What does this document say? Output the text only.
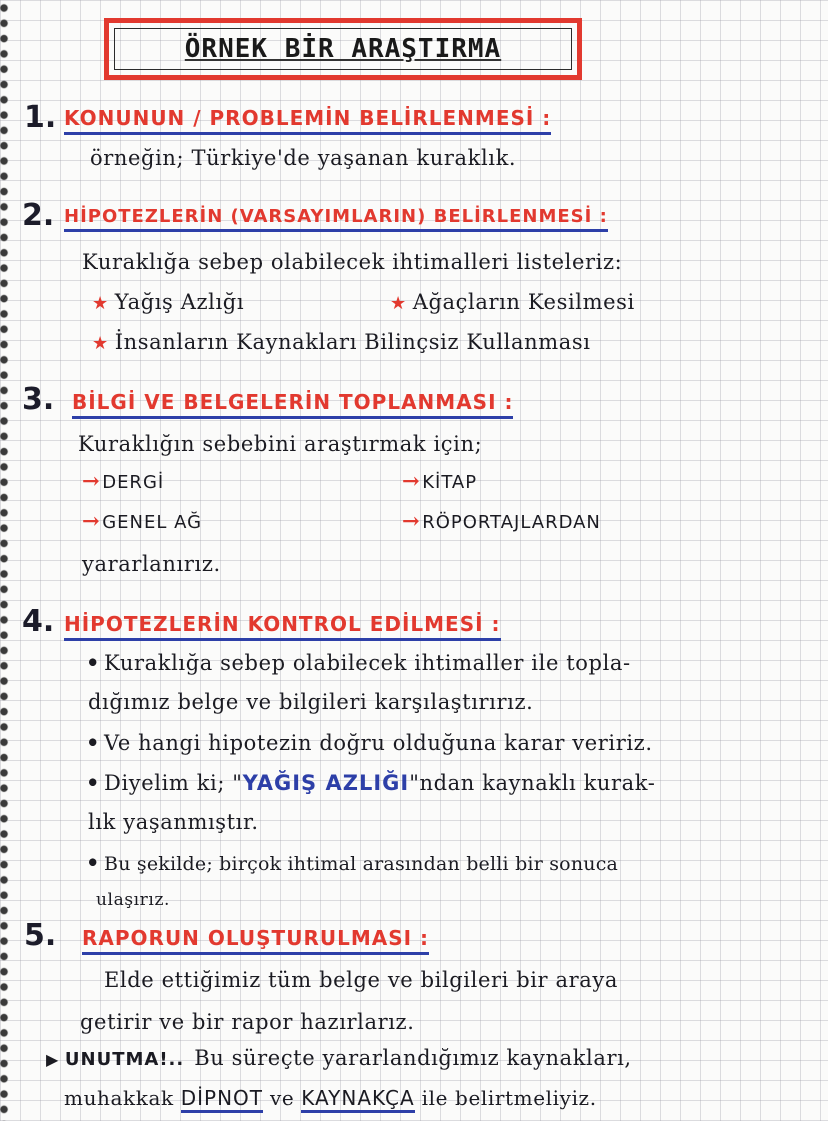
ÖRNEK BİR ARAŞTIRMA
1. KONUNUN / PROBLEMİN BELİRLENMESİ :
örneğin; Türkiye'de yaşanan kuraklık.
2. HİPOTEZLERİN (VARSAYIMLARIN) BELİRLENMESİ :
Kuraklığa sebep olabilecek ihtimalleri listeleriz:
★ Yağış Azlığı	★ Ağaçların Kesilmesi
★ İnsanların Kaynakları Bilinçsiz Kullanması
3. BİLGİ VE BELGELERİN TOPLANMASI :
Kuraklığın sebebini araştırmak için;
→ DERGİ	→ KİTAP
→ GENEL AĞ	→ RÖPORTAJLARDAN
yararlanırız.
4. HİPOTEZLERİN KONTROL EDİLMESİ :
• Kuraklığa sebep olabilecek ihtimaller ile topla-
dığımız belge ve bilgileri karşılaştırırız.
• Ve hangi hipotezin doğru olduğuna karar veririz.
• Diyelim ki; "YAĞIŞ AZLIĞI"ndan kaynaklı kurak-
lık yaşanmıştır.
• Bu şekilde; birçok ihtimal arasından belli bir sonuca
ulaşırız.
5. RAPORUN OLUŞTURULMASI :
Elde ettiğimiz tüm belge ve bilgileri bir araya
getirir ve bir rapor hazırlarız.
▶ UNUTMA!.. Bu süreçte yararlandığımız kaynakları,
muhakkak DİPNOT ve KAYNAKÇA ile belirtmeliyiz.
